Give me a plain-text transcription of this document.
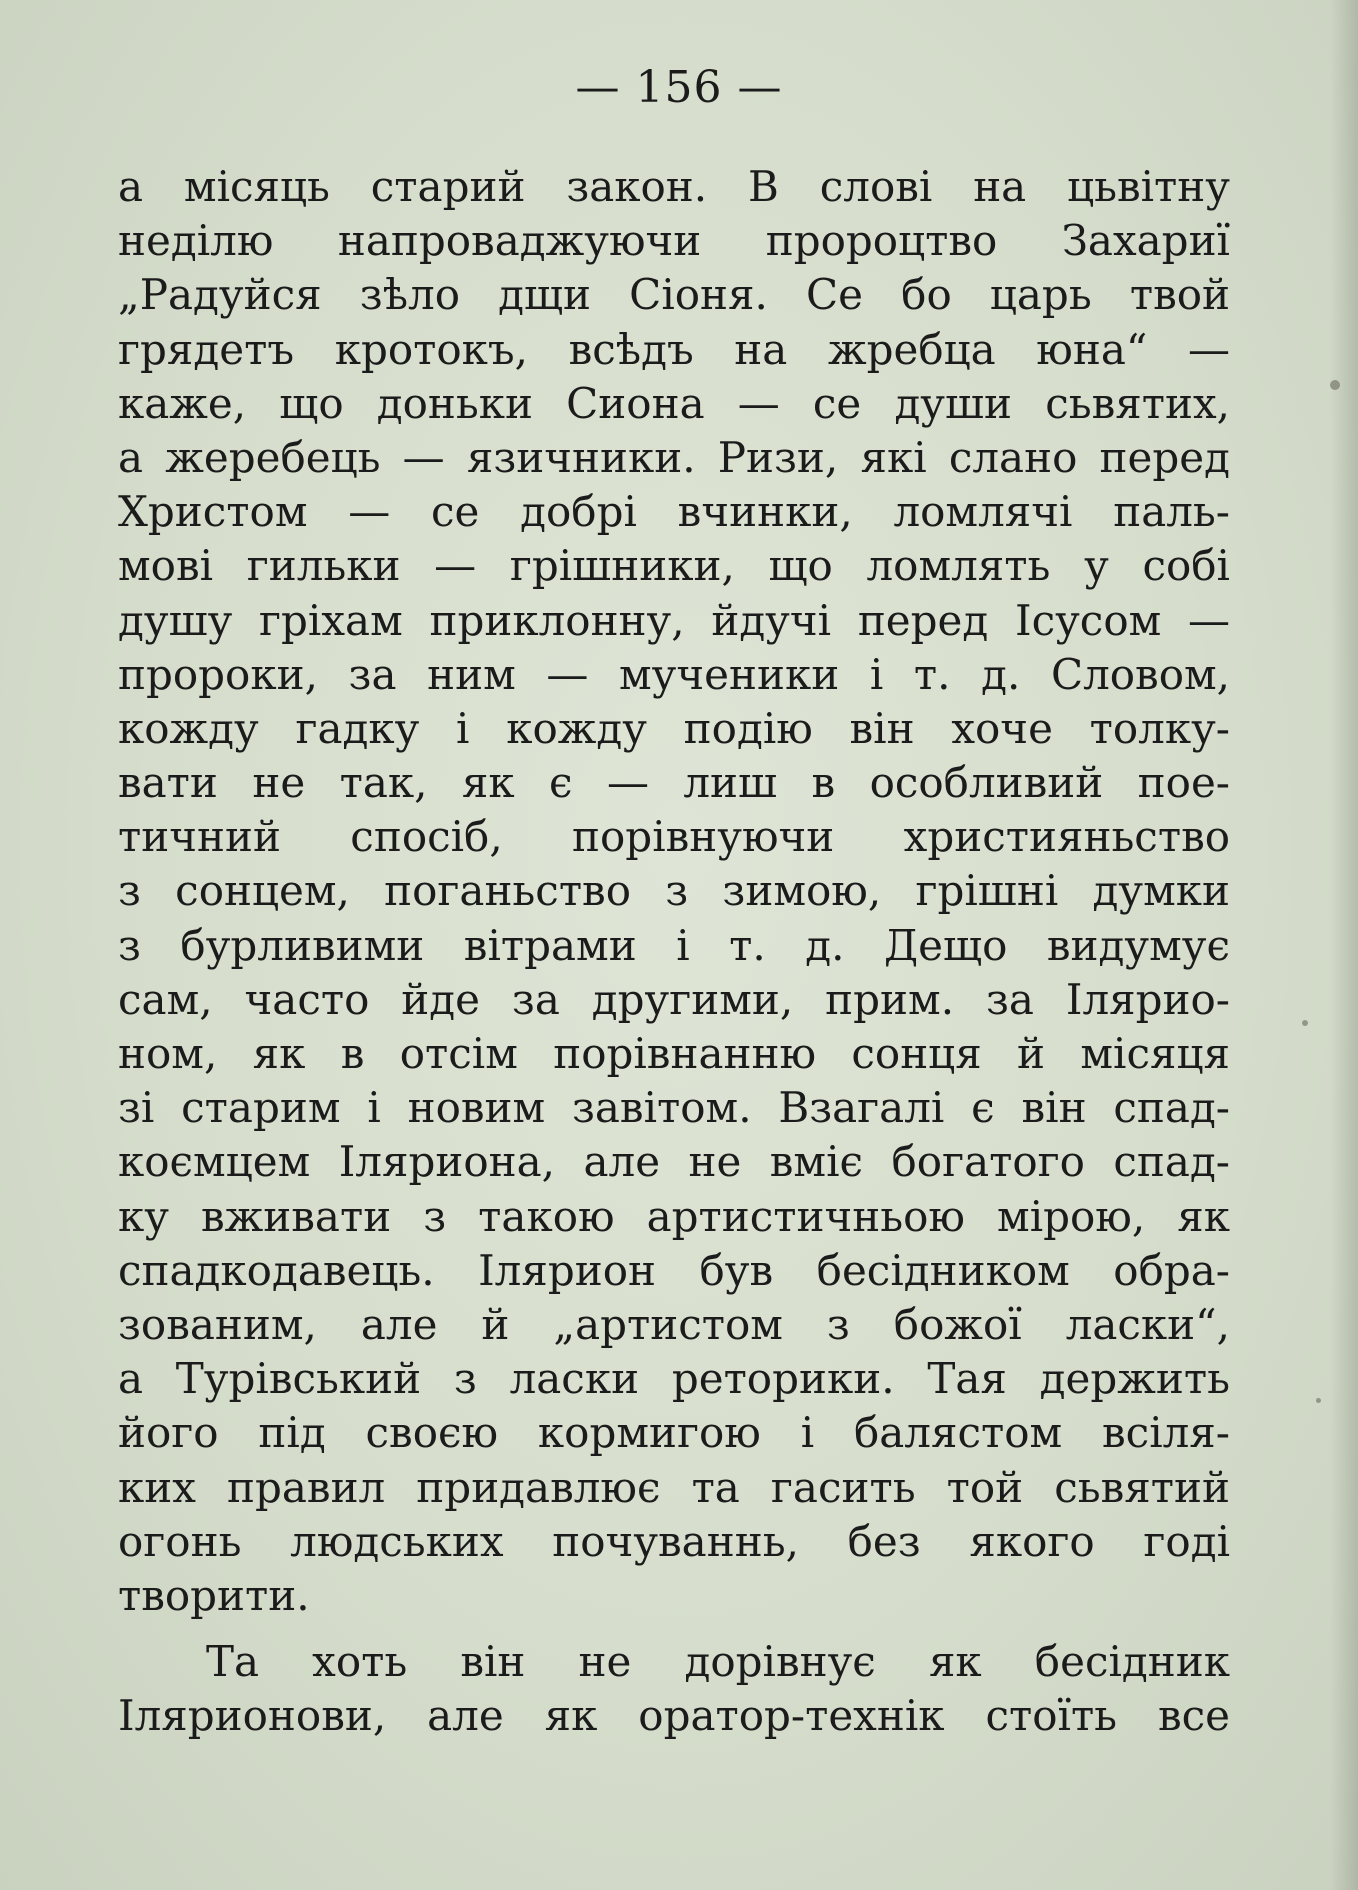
— 156 —
а місяць старий закон. В слові на цьвітну
неділю напроваджуючи пророцтво Захариї
„Радуйся зѣло дщи Сіоня. Се бо царь твой
грядетъ кротокъ, всѣдъ на жребца юна“ —
каже, що доньки Сиона — се души сьвятих,
а жеребець — язичники. Ризи, які слано перед
Христом — се добрі вчинки, ломлячі паль-
мові гильки — грішники, що ломлять у собі
душу гріхам приклонну, йдучі перед Ісусом —
пророки, за ним — мученики і т. д. Словом,
кожду гадку і кожду подію він хоче толку-
вати не так, як є — лиш в особливий пое-
тичний спосіб, порівнуючи християньство
з сонцем, поганьство з зимою, грішні думки
з бурливими вітрами і т. д. Дещо видумує
сам, часто йде за другими, прим. за Іляриo-
ном, як в отсім порівнанню сонця й місяця
зі старим і новим завітом. Взагалі є він спад-
коємцем Іляриoна, але не вміє богатого спад-
ку вживати з такою артистичньою мірою, як
спадкодавець. Іляриoн був бесідником обра-
зованим, але й „артистом з божої ласки“,
а Турівський з ласки реторики. Тая держить
його під своєю кормигою і балястом всіля-
ких правил придавлює та гасить той сьвятий
огонь людських почуваннь, без якого годі
творити.
Та хоть він не дорівнує як бесідник
Іляриoнови, але як оратор-технік стоїть все
